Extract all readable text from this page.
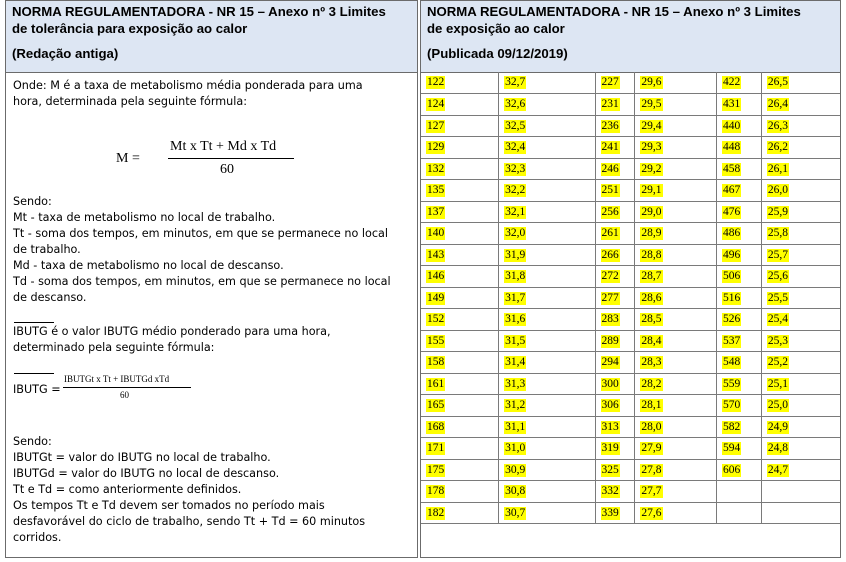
NORMA REGULAMENTADORA - NR 15 – Anexo nº 3 Limites
de tolerância para exposição ao calor
(Redação antiga)
NORMA REGULAMENTADORA - NR 15 – Anexo nº 3 Limites
de exposição ao calor
(Publicada 09/12/2019)
Onde: M é a taxa de metabolismo média ponderada para uma
hora, determinada pela seguinte fórmula:
M =
Mt x Tt + Md x Td
60
Sendo:
Mt - taxa de metabolismo no local de trabalho.
Tt - soma dos tempos, em minutos, em que se permanece no local
de trabalho.
Md - taxa de metabolismo no local de descanso.
Td - soma dos tempos, em minutos, em que se permanece no local
de descanso.
IBUTG é o valor IBUTG médio ponderado para uma hora,
determinado pela seguinte fórmula:
IBUTG =
IBUTGt x Tt + IBUTGd xTd
60
Sendo:
IBUTGt = valor do IBUTG no local de trabalho.
IBUTGd = valor do IBUTG no local de descanso.
Tt e Td = como anteriormente definidos.
Os tempos Tt e Td devem ser tomados no período mais
desfavorável do ciclo de trabalho, sendo Tt + Td = 60 minutos
corridos.
122	32,7	227	29,6	422	26,5
124	32,6	231	29,5	431	26,4
127	32,5	236	29,4	440	26,3
129	32,4	241	29,3	448	26,2
132	32,3	246	29,2	458	26,1
135	32,2	251	29,1	467	26,0
137	32,1	256	29,0	476	25,9
140	32,0	261	28,9	486	25,8
143	31,9	266	28,8	496	25,7
146	31,8	272	28,7	506	25,6
149	31,7	277	28,6	516	25,5
152	31,6	283	28,5	526	25,4
155	31,5	289	28,4	537	25,3
158	31,4	294	28,3	548	25,2
161	31,3	300	28,2	559	25,1
165	31,2	306	28,1	570	25,0
168	31,1	313	28,0	582	24,9
171	31,0	319	27,9	594	24,8
175	30,9	325	27,8	606	24,7
178	30,8	332	27,7		
182	30,7	339	27,6		
